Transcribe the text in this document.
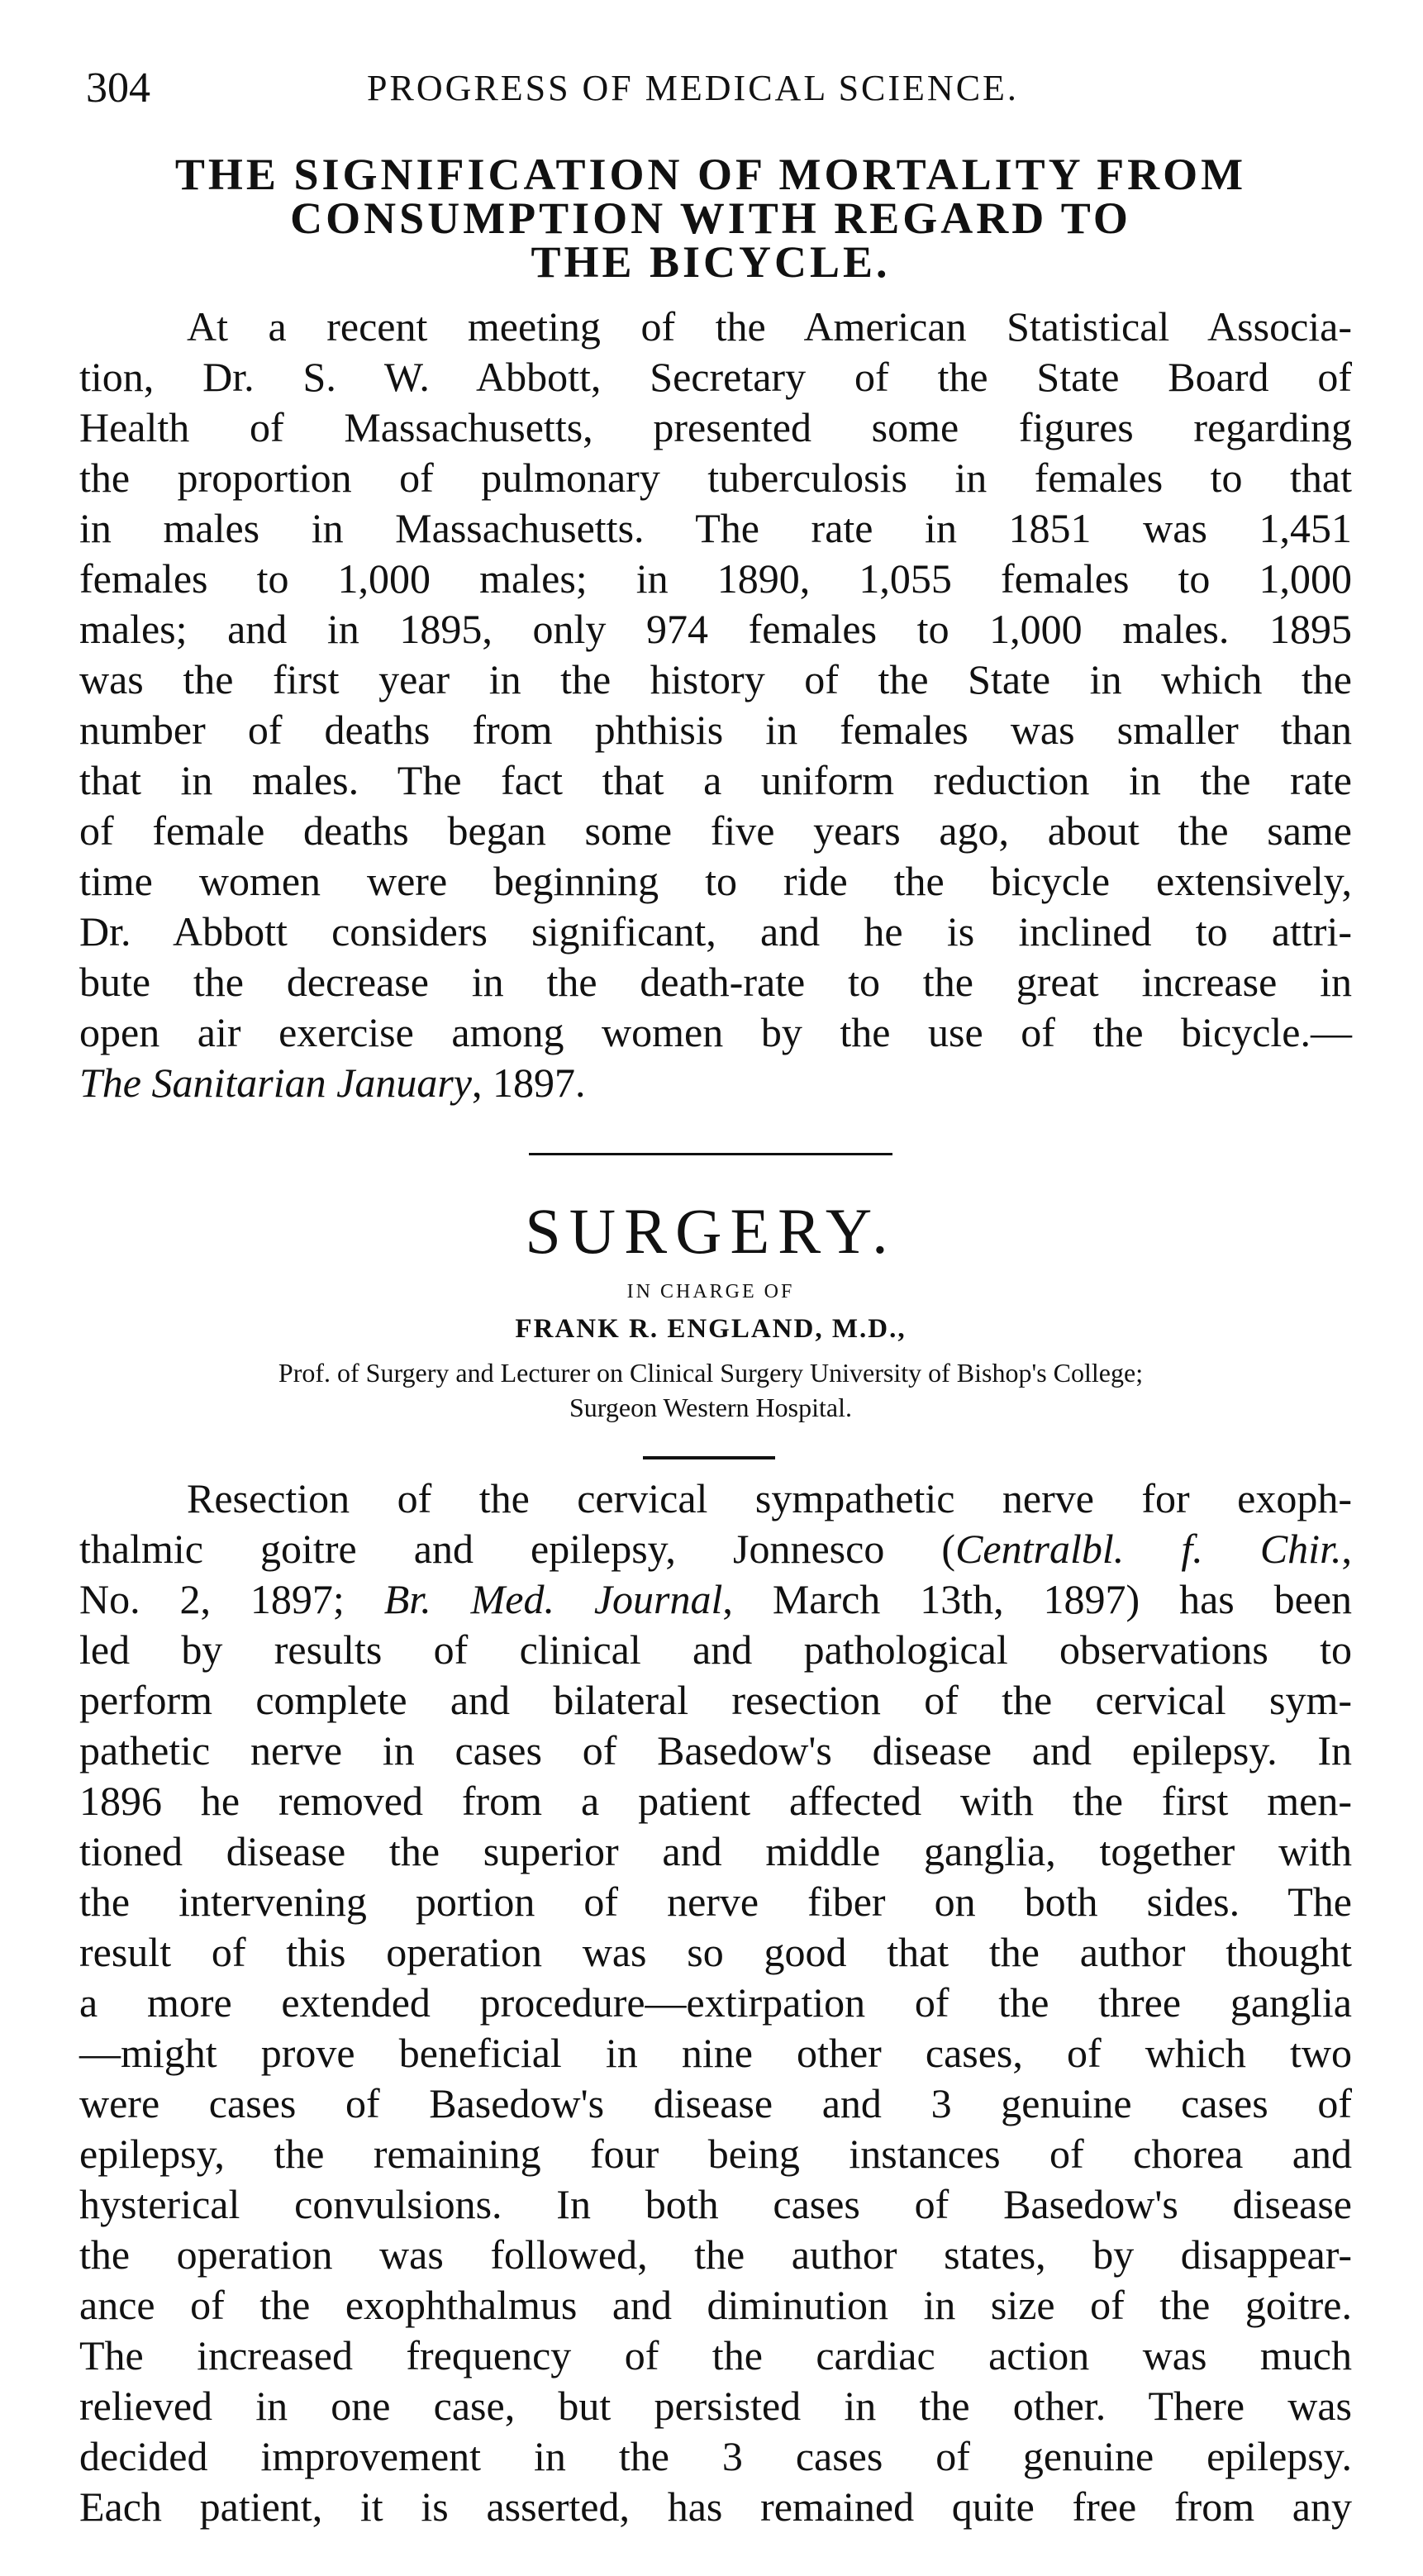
304	PROGRESS OF MEDICAL SCIENCE.
THE SIGNIFICATION OF MORTALITY FROM
CONSUMPTION WITH REGARD TO
THE BICYCLE.
At a recent meeting of the American Statistical Associa-
tion, Dr. S. W. Abbott, Secretary of the State Board of
Health of Massachusetts, presented some figures regarding
the proportion of pulmonary tuberculosis in females to that
in males in Massachusetts. The rate in 1851 was 1,451
females to 1,000 males; in 1890, 1,055 females to 1,000
males; and in 1895, only 974 females to 1,000 males. 1895
was the first year in the history of the State in which the
number of deaths from phthisis in females was smaller than
that in males. The fact that a uniform reduction in the rate
of female deaths began some five years ago, about the same
time women were beginning to ride the bicycle extensively,
Dr. Abbott considers significant, and he is inclined to attri-
bute the decrease in the death-rate to the great increase in
open air exercise among women by the use of the bicycle.—
The Sanitarian January, 1897.
SURGERY.
IN CHARGE OF
FRANK R. ENGLAND, M.D.,
Prof. of Surgery and Lecturer on Clinical Surgery University of Bishop's College;
Surgeon Western Hospital.
Resection of the cervical sympathetic nerve for exoph-
thalmic goitre and epilepsy, Jonnesco (Centralbl. f. Chir.,
No. 2, 1897; Br. Med. Journal, March 13th, 1897) has been
led by results of clinical and pathological observations to
perform complete and bilateral resection of the cervical sym-
pathetic nerve in cases of Basedow's disease and epilepsy. In
1896 he removed from a patient affected with the first men-
tioned disease the superior and middle ganglia, together with
the intervening portion of nerve fiber on both sides. The
result of this operation was so good that the author thought
a more extended procedure—extirpation of the three ganglia
—might prove beneficial in nine other cases, of which two
were cases of Basedow's disease and 3 genuine cases of
epilepsy, the remaining four being instances of chorea and
hysterical convulsions. In both cases of Basedow's disease
the operation was followed, the author states, by disappear-
ance of the exophthalmus and diminution in size of the goitre.
The increased frequency of the cardiac action was much
relieved in one case, but persisted in the other. There was
decided improvement in the 3 cases of genuine epilepsy.
Each patient, it is asserted, has remained quite free from any
